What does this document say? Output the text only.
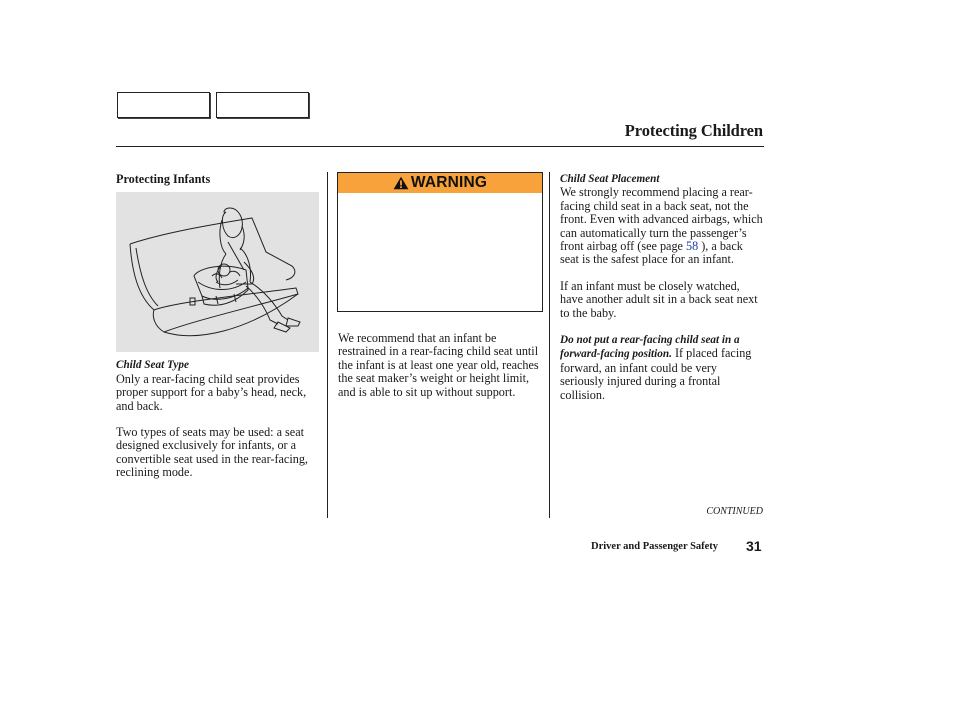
Protecting Children

Protecting Infants

Child Seat Type

Only a rear-facing child seat provides proper support for a baby’s head, neck, and back.

Two types of seats may be used: a seat designed exclusively for infants, or a convertible seat used in the rear-facing, reclining mode.

WARNING

We recommend that an infant be restrained in a rear-facing child seat until the infant is at least one year old, reaches the seat maker’s weight or height limit, and is able to sit up without support.

Child Seat Placement

We strongly recommend placing a rear-facing child seat in a back seat, not the front. Even with advanced airbags, which can automatically turn the passenger’s front airbag off (see page 58 ), a back seat is the safest place for an infant.

If an infant must be closely watched, have another adult sit in a back seat next to the baby.

Do not put a rear-facing child seat in a forward-facing position. If placed facing forward, an infant could be very seriously injured during a frontal collision.

CONTINUED
Driver and Passenger Safety 31
